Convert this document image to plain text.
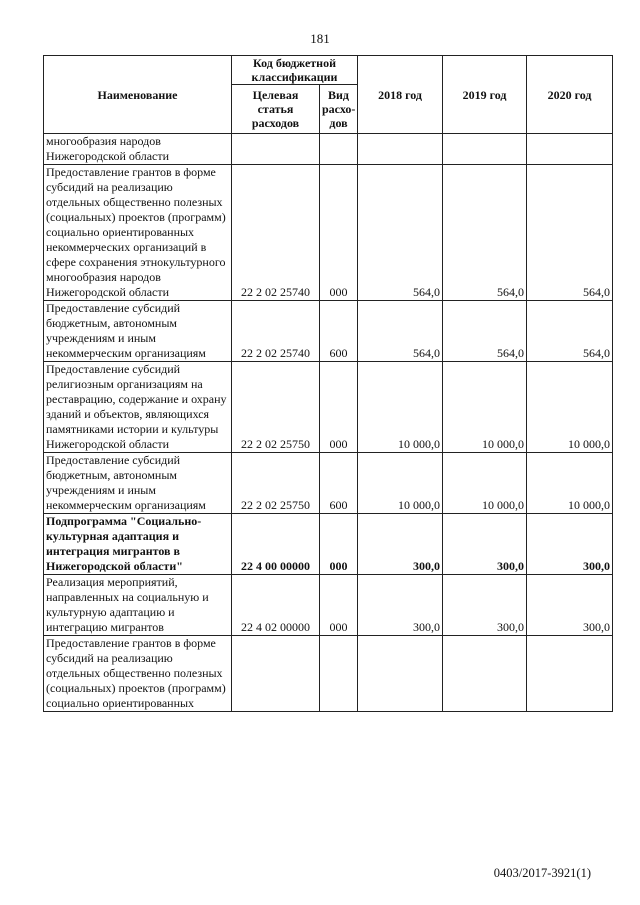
181
Наименование	Код бюджетной классификации		2018 год	2019 год	2020 год
	Целевая статья расходов	Вид расхо-дов			
многообразия народов Нижегородской области					
Предоставление грантов в форме субсидий на реализацию отдельных общественно полезных (социальных) проектов (программ) социально ориентированных некоммерческих организаций в сфере сохранения этнокультурного многообразия народов Нижегородской области	22 2 02 25740	000	564,0	564,0	564,0
Предоставление субсидий бюджетным, автономным учреждениям и иным некоммерческим организациям	22 2 02 25740	600	564,0	564,0	564,0
Предоставление субсидий религиозным организациям на реставрацию, содержание и охрану зданий и объектов, являющихся памятниками истории и культуры Нижегородской области	22 2 02 25750	000	10 000,0	10 000,0	10 000,0
Предоставление субсидий бюджетным, автономным учреждениям и иным некоммерческим организациям	22 2 02 25750	600	10 000,0	10 000,0	10 000,0
Подпрограмма "Социально-культурная адаптация и интеграция мигрантов в Нижегородской области"	22 4 00 00000	000	300,0	300,0	300,0
Реализация мероприятий, направленных на социальную и культурную адаптацию и интеграцию мигрантов	22 4 02 00000	000	300,0	300,0	300,0
Предоставление грантов в форме субсидий на реализацию отдельных общественно полезных (социальных) проектов (программ) социально ориентированных					
0403/2017-3921(1)
